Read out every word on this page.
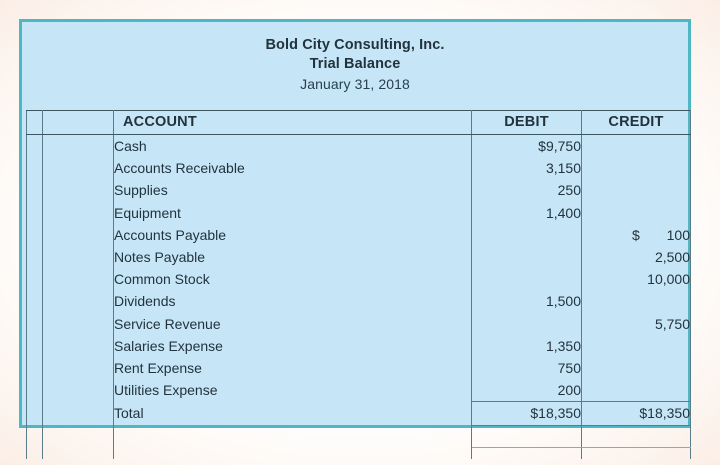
Bold City Consulting, Inc.
Trial Balance
January 31, 2018
		ACCOUNT	DEBIT	CREDIT
		Cash	$9,750	
		Accounts Receivable	3,150	
		Supplies	250	
		Equipment	1,400	
		Accounts Payable		$ 100
		Notes Payable		2,500
		Common Stock		10,000
		Dividends	1,500	
		Service Revenue		5,750
		Salaries Expense	1,350	
		Rent Expense	750	
		Utilities Expense	200	
		Total	$18,350	$18,350
